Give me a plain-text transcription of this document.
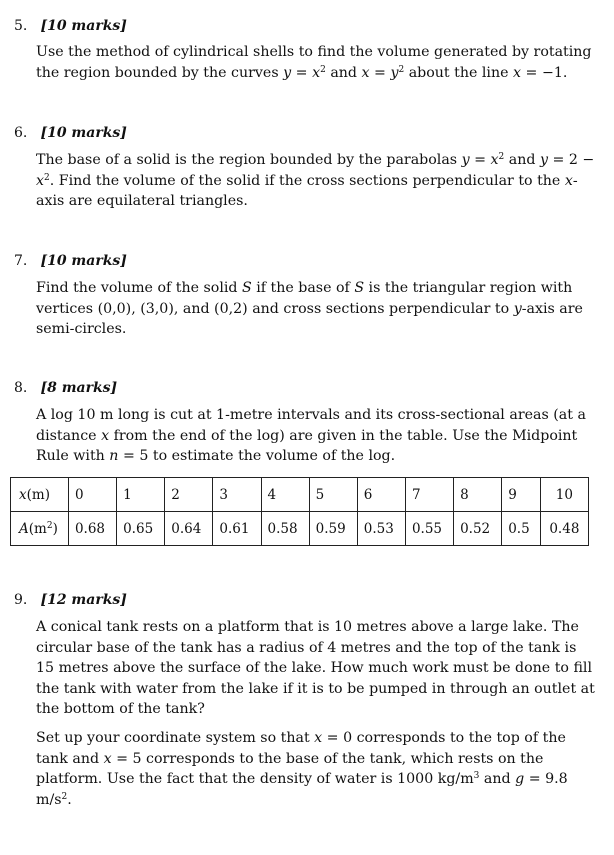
5. [10 marks]

Use the method of cylindrical shells to find the volume generated by rotating the region bounded by the curves $y = x^2$ and $x = y^2$ about the line x = −1.

6. [10 marks]

The base of a solid is the region bounded by the parabolas $y = x^2$ and $y = 2 - x^2$. Find the volume of the solid if the cross sections perpendicular to the x-axis are equilateral triangles.

7. [10 marks]

Find the volume of the solid S if the base of S is the triangular region with vertices (0,0), (3,0), and (0,2) and cross sections perpendicular to y-axis are semi-circles.

8. [8 marks]

A log 10 m long is cut at 1-metre intervals and its cross-sectional areas (at a distance x from the end of the log) are given in the table. Use the Midpoint Rule with n = 5 to estimate the volume of the log.

x(m)	0	1	2	3	4	5	6	7	8	9	10
$A(m^2)$	0.68	0.65	0.64	0.61	0.58	0.59	0.53	0.55	0.52	0.5	0.48
9. [12 marks]

A conical tank rests on a platform that is 10 metres above a large lake. The circular base of the tank has a radius of 4 metres and the top of the tank is 15 metres above the surface of the lake. How much work must be done to fill the tank with water from the lake if it is to be pumped in through an outlet at the bottom of the tank?

Set up your coordinate system so that x = 0 corresponds to the top of the tank and x = 5 corresponds to the base of the tank, which rests on the platform. Use the fact that the density of water is 1000 $kg/m^3$ and g = 9.8 $m/s^2$.
